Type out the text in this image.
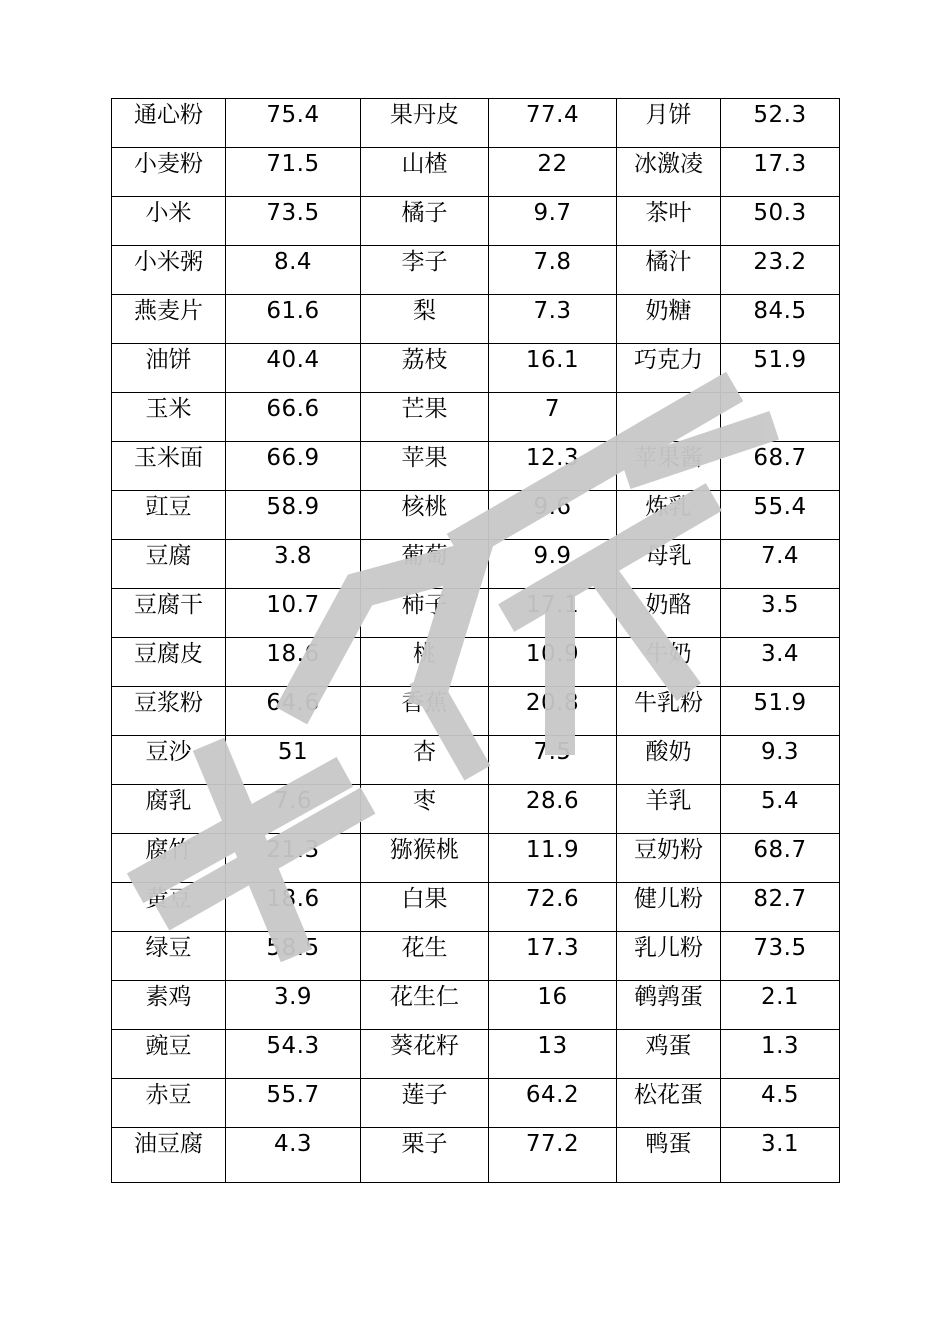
通心粉	75.4	果丹皮	77.4	月饼	52.3
小麦粉	71.5	山楂	22	冰激凌	17.3
小米	73.5	橘子	9.7	茶叶	50.3
小米粥	8.4	李子	7.8	橘汁	23.2
燕麦片	61.6	梨	7.3	奶糖	84.5
油饼	40.4	荔枝	16.1	巧克力	51.9
玉米	66.6	芒果	7		
玉米面	66.9	苹果	12.3	苹果酱	68.7
豇豆	58.9	核桃	9.6	炼乳	55.4
豆腐	3.8	葡萄	9.9	母乳	7.4
豆腐干	10.7	柿子	17.1	奶酪	3.5
豆腐皮	18.6	桃	10.9	牛奶	3.4
豆浆粉	64.6	香蕉	20.8	牛乳粉	51.9
豆沙	51	杏	7.5	酸奶	9.3
腐乳	7.6	枣	28.6	羊乳	5.4
腐竹	21.3	猕猴桃	11.9	豆奶粉	68.7
黄豆	18.6	白果	72.6	健儿粉	82.7
绿豆	58.5	花生	17.3	乳儿粉	73.5
素鸡	3.9	花生仁	16	鹌鹑蛋	2.1
豌豆	54.3	葵花籽	13	鸡蛋	1.3
赤豆	55.7	莲子	64.2	松花蛋	4.5
油豆腐	4.3	栗子	77.2	鸭蛋	3.1
